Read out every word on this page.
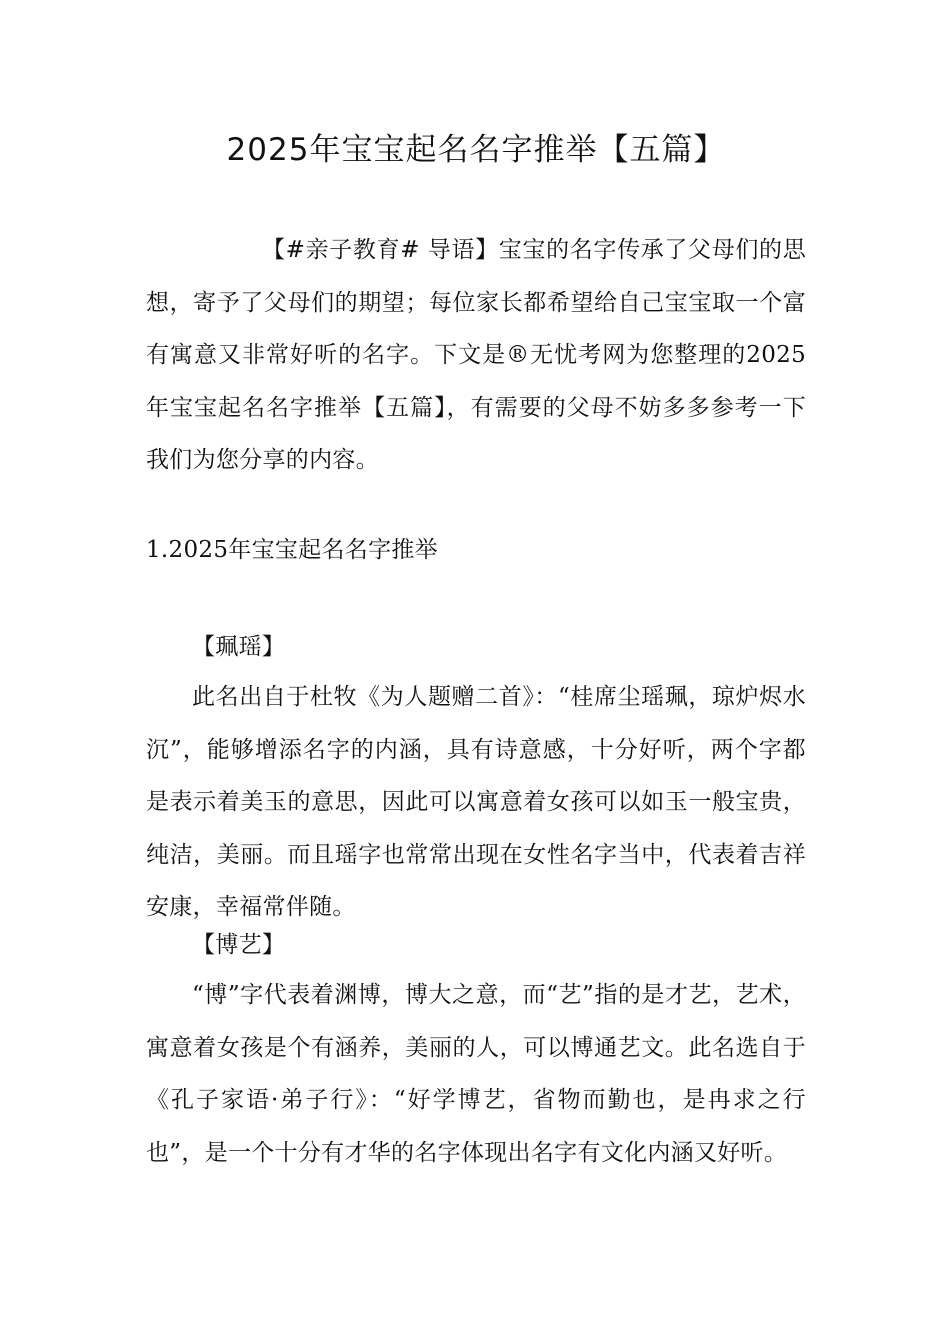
2025年宝宝起名名字推举【五篇】

【#亲子教育# 导语】宝宝的名字传承了父母们的思想，寄予了父母们的期望；每位家长都希望给自己宝宝取一个富有寓意又非常好听的名字。下文是®无忧考网为您整理的2025年宝宝起名名字推举【五篇】，有需要的父母不妨多多参考一下我们为您分享的内容。

1.2025年宝宝起名名字推举

【珮瑶】

此名出自于杜牧《为人题赠二首》：“桂席尘瑶珮，琼炉烬水沉”，能够增添名字的内涵，具有诗意感，十分好听，两个字都是表示着美玉的意思，因此可以寓意着女孩可以如玉一般宝贵，纯洁，美丽。而且瑶字也常常出现在女性名字当中，代表着吉祥安康，幸福常伴随。

【博艺】

“博”字代表着渊博，博大之意，而“艺”指的是才艺，艺术，寓意着女孩是个有涵养，美丽的人，可以博通艺文。此名选自于《孔子家语·弟子行》：“好学博艺，省物而勤也，是冉求之行也”，是一个十分有才华的名字体现出名字有文化内涵又好听。
